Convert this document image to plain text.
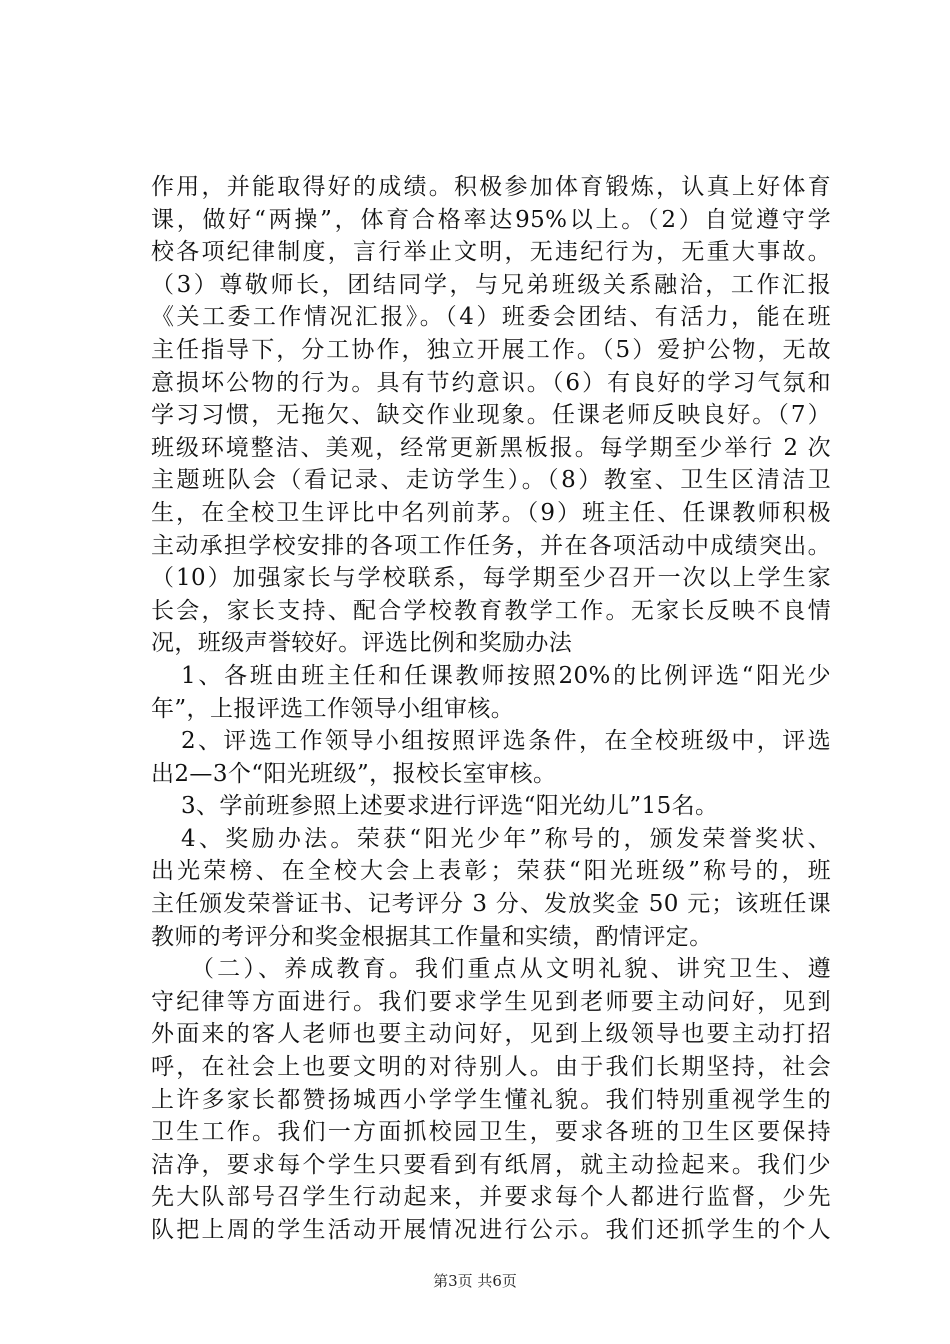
作用，并能取得好的成绩。积极参加体育锻炼，认真上好体育
课，做好“两操”，体育合格率达95%以上。（2）自觉遵守学
校各项纪律制度，言行举止文明，无违纪行为，无重大事故。
（3）尊敬师长，团结同学，与兄弟班级关系融洽，工作汇报
《关工委工作情况汇报》。（4）班委会团结、有活力，能在班
主任指导下，分工协作，独立开展工作。（5）爱护公物，无故
意损坏公物的行为。具有节约意识。（6）有良好的学习气氛和
学习习惯，无拖欠、缺交作业现象。任课老师反映良好。（7）
班级环境整洁、美观，经常更新黑板报。每学期至少举行 2 次
主题班队会（看记录、走访学生）。（8）教室、卫生区清洁卫
生，在全校卫生评比中名列前茅。（9）班主任、任课教师积极
主动承担学校安排的各项工作任务，并在各项活动中成绩突出。
（10）加强家长与学校联系，每学期至少召开一次以上学生家
长会，家长支持、配合学校教育教学工作。无家长反映不良情
况，班级声誉较好。评选比例和奖励办法
1、各班由班主任和任课教师按照20%的比例评选“阳光少
年”，上报评选工作领导小组审核。
2、评选工作领导小组按照评选条件，在全校班级中，评选
出2—3个“阳光班级”，报校长室审核。
3、学前班参照上述要求进行评选“阳光幼儿”15名。
4、奖励办法。荣获“阳光少年”称号的，颁发荣誉奖状、
出光荣榜、在全校大会上表彰；荣获“阳光班级”称号的，班
主任颁发荣誉证书、记考评分 3 分、发放奖金 50 元；该班任课
教师的考评分和奖金根据其工作量和实绩，酌情评定。
（二）、养成教育。我们重点从文明礼貌、讲究卫生、遵
守纪律等方面进行。我们要求学生见到老师要主动问好，见到
外面来的客人老师也要主动问好，见到上级领导也要主动打招
呼，在社会上也要文明的对待别人。由于我们长期坚持，社会
上许多家长都赞扬城西小学学生懂礼貌。我们特别重视学生的
卫生工作。我们一方面抓校园卫生，要求各班的卫生区要保持
洁净，要求每个学生只要看到有纸屑，就主动捡起来。我们少
先大队部号召学生行动起来，并要求每个人都进行监督，少先
队把上周的学生活动开展情况进行公示。我们还抓学生的个人
第3页 共6页
